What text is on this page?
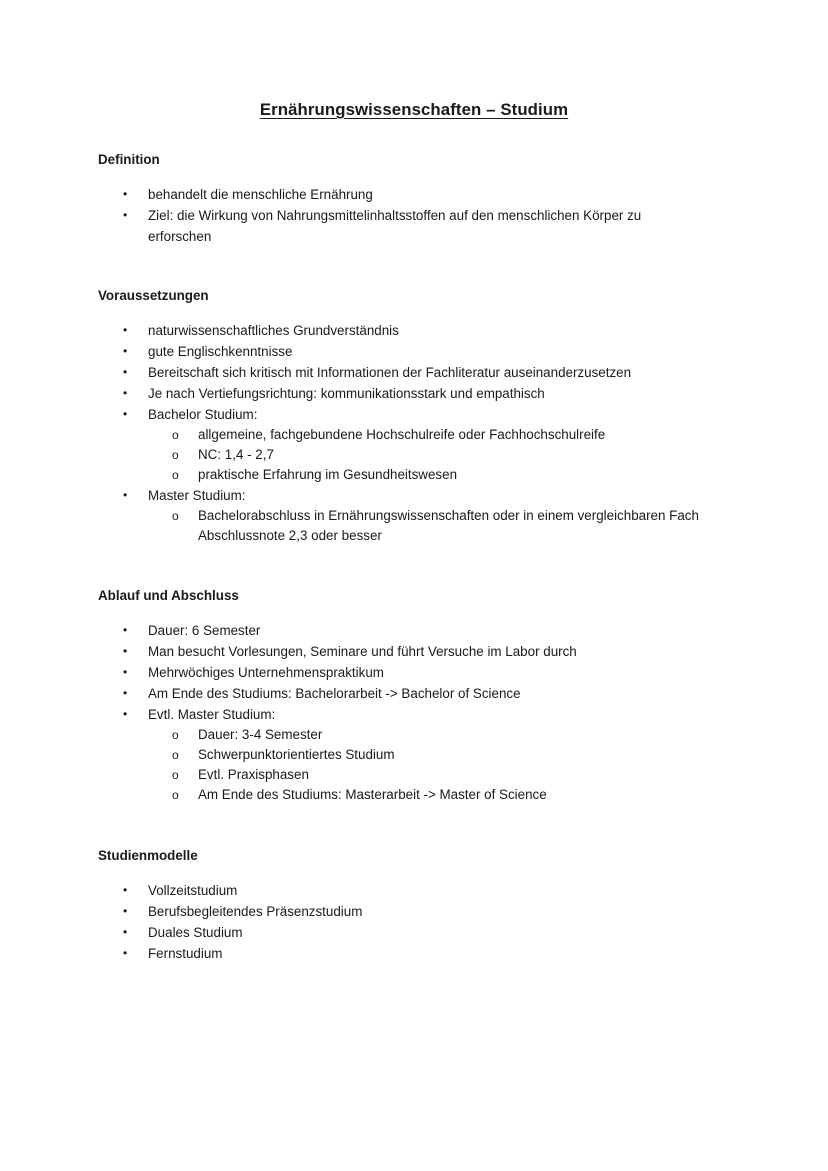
Ernährungswissenschaften – Studium
Definition
•	behandelt die menschliche Ernährung
•	Ziel: die Wirkung von Nahrungsmittelinhaltsstoffen auf den menschlichen Körper zu
erforschen
Voraussetzungen
•	naturwissenschaftliches Grundverständnis
•	gute Englischkenntnisse
•	Bereitschaft sich kritisch mit Informationen der Fachliteratur auseinanderzusetzen
•	Je nach Vertiefungsrichtung: kommunikationsstark und empathisch
•	Bachelor Studium:
o allgemeine, fachgebundene Hochschulreife oder Fachhochschulreife
o NC: 1,4 - 2,7
o praktische Erfahrung im Gesundheitswesen
•	Master Studium:
o Bachelorabschluss in Ernährungswissenschaften oder in einem vergleichbaren Fach
Abschlussnote 2,3 oder besser
Ablauf und Abschluss
•	Dauer: 6 Semester
•	Man besucht Vorlesungen, Seminare und führt Versuche im Labor durch
•	Mehrwöchiges Unternehmenspraktikum
•	Am Ende des Studiums: Bachelorarbeit -> Bachelor of Science
•	Evtl. Master Studium:
o Dauer: 3-4 Semester
o Schwerpunktorientiertes Studium
o Evtl. Praxisphasen
o Am Ende des Studiums: Masterarbeit -> Master of Science
Studienmodelle
•	Vollzeitstudium
•	Berufsbegleitendes Präsenzstudium
•	Duales Studium
•	Fernstudium
